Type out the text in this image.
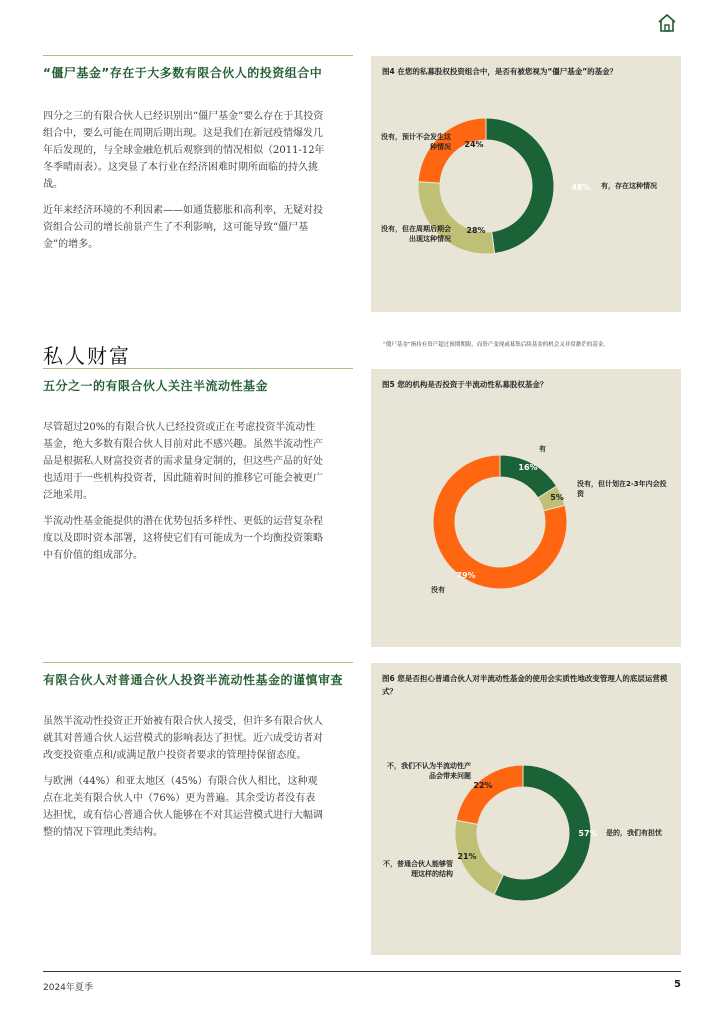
“僵尸基金”存在于大多数有限合伙人的投资组合中

四分之三的有限合伙人已经识别出“僵尸基金”要么存在于其投资组合中，要么可能在周期后期出现。这是我们在新冠疫情爆发几年后发现的，与全球金融危机后观察到的情况相似（2011-12年冬季晴雨表）。这突显了本行业在经济困难时期所面临的持久挑战。

近年来经济环境的不利因素——如通货膨胀和高利率，无疑对投资组合公司的增长前景产生了不利影响，这可能导致“僵尸基金”的增多。

图4 在您的私募股权投资组合中，是否有被您视为“僵尸基金”的基金？
有，存在这种情况
没有，但在周期后期会出现这种情况
没有，预计不会发生这种情况
48%
28%
24%
“僵尸基金”指持有资产超过预期期限，而资产变现或募集后续基金的机会又非常渺茫的基金。
私人财富
五分之一的有限合伙人关注半流动性基金

尽管超过20%的有限合伙人已经投资或正在考虑投资半流动性基金，绝大多数有限合伙人目前对此不感兴趣。虽然半流动性产品是根据私人财富投资者的需求量身定制的，但这些产品的好处也适用于一些机构投资者，因此随着时间的推移它可能会被更广泛地采用。

半流动性基金能提供的潜在优势包括多样性、更低的运营复杂程度以及即时资本部署，这将使它们有可能成为一个均衡投资策略中有价值的组成部分。

图5 您的机构是否投资于半流动性私募股权基金？
有
没有，但计划在2-3年内会投资
没有
16%
5%
79%
有限合伙人对普通合伙人投资半流动性基金的谨慎审查

虽然半流动性投资正开始被有限合伙人接受，但许多有限合伙人就其对普通合伙人运营模式的影响表达了担忧。近六成受访者对改变投资重点和/或满足散户投资者要求的管理持保留态度。

与欧洲（44%）和亚太地区（45%）有限合伙人相比，这种观点在北美有限合伙人中（76%）更为普遍。其余受访者没有表达担忧，或有信心普通合伙人能够在不对其运营模式进行大幅调整的情况下管理此类结构。

图6 您是否担心普通合伙人对半流动性基金的使用会实质性地改变管理人的底层运营模式？
是的，我们有担忧
不，我们不认为半流动性产品会带来问题
不，普通合伙人能够管理这样的结构
57%
21%
22%
2024年夏季	5
